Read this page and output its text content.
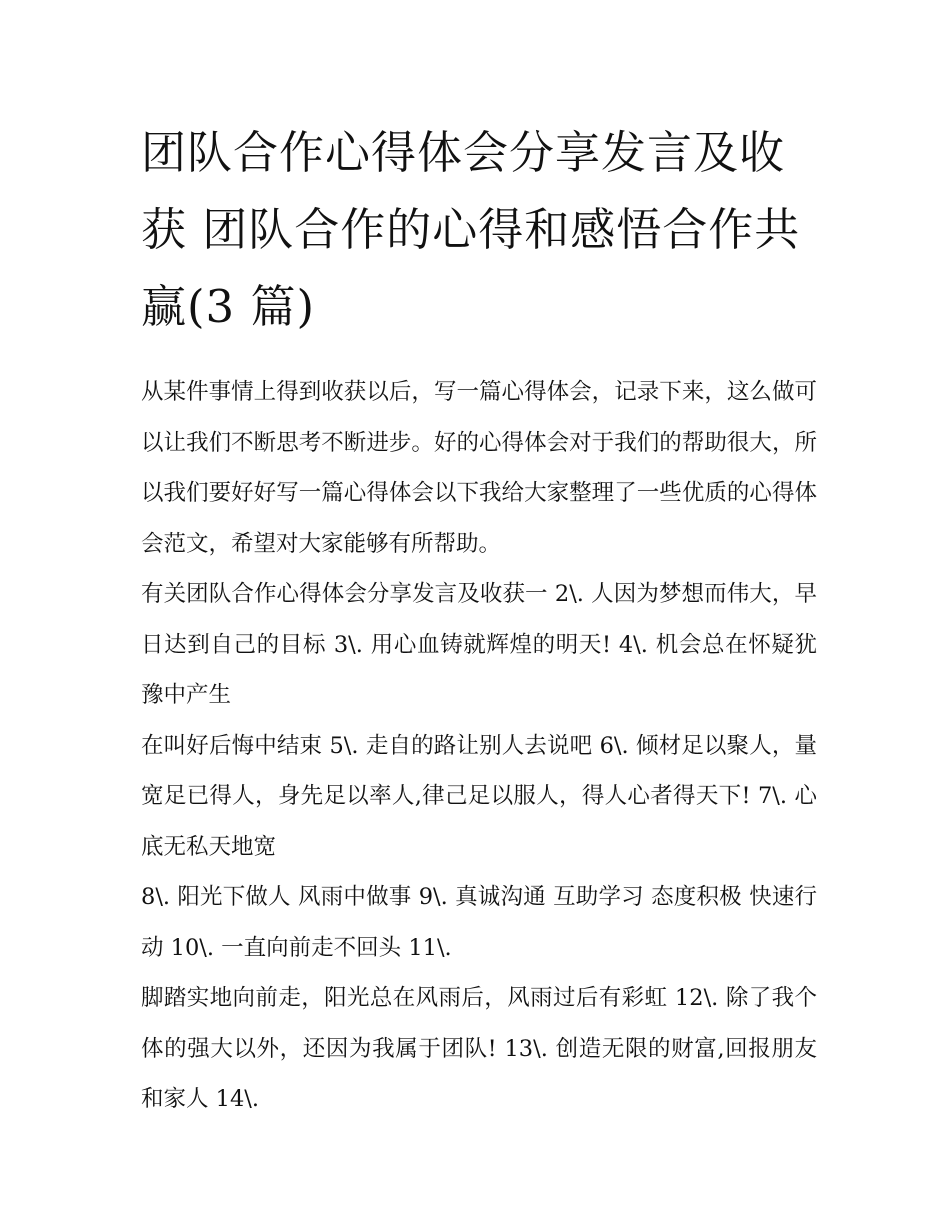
团队合作心得体会分享发言及收获 团队合作的心得和感悟合作共赢(3 篇)

从某件事情上得到收获以后，写一篇心得体会，记录下来，这么做可以让我们不断思考不断进步。好的心得体会对于我们的帮助很大，所以我们要好好写一篇心得体会以下我给大家整理了一些优质的心得体会范文，希望对大家能够有所帮助。

有关团队合作心得体会分享发言及收获一 2\. 人因为梦想而伟大，早日达到自己的目标 3\. 用心血铸就辉煌的明天! 4\. 机会总在怀疑犹豫中产生

在叫好后悔中结束 5\. 走自的路让别人去说吧 6\. 倾材足以聚人，量宽足已得人，身先足以率人,律己足以服人，得人心者得天下! 7\. 心底无私天地宽

8\. 阳光下做人 风雨中做事 9\. 真诚沟通 互助学习 态度积极 快速行动 10\. 一直向前走不回头 11\.

脚踏实地向前走，阳光总在风雨后，风雨过后有彩虹 12\. 除了我个体的强大以外，还因为我属于团队! 13\. 创造无限的财富,回报朋友和家人 14\.
